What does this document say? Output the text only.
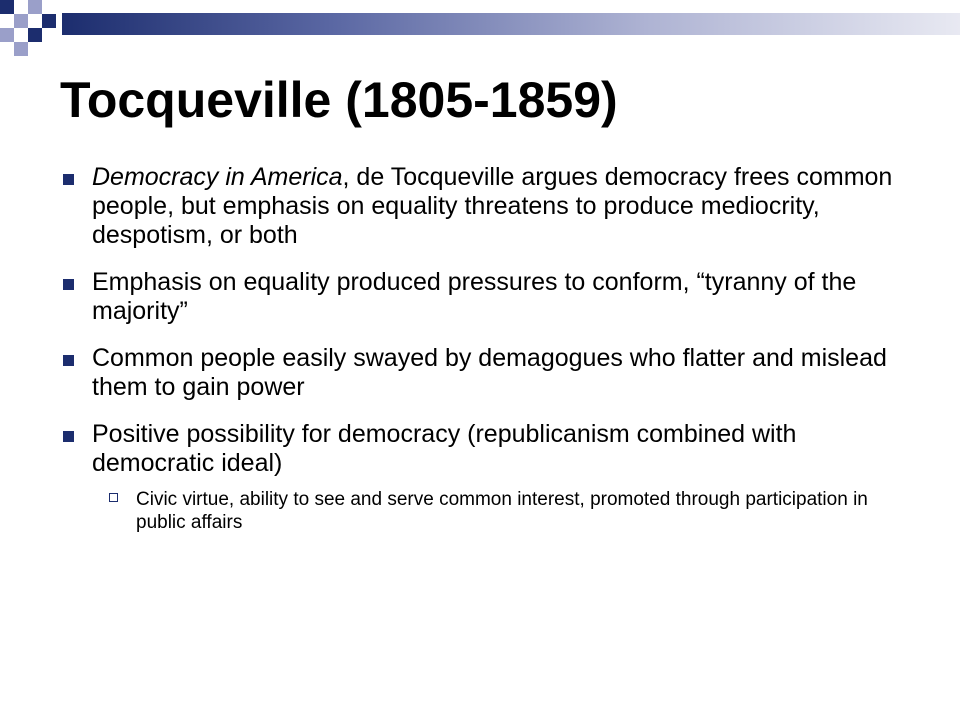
Tocqueville (1805-1859)
Democracy in America, de Tocqueville argues democracy frees common people, but emphasis on equality threatens to produce mediocrity, despotism, or both
Emphasis on equality produced pressures to conform, “tyranny of the majority”
Common people easily swayed by demagogues who flatter and mislead them to gain power
Positive possibility for democracy (republicanism combined with democratic ideal)
Civic virtue, ability to see and serve common interest, promoted through participation in public affairs
